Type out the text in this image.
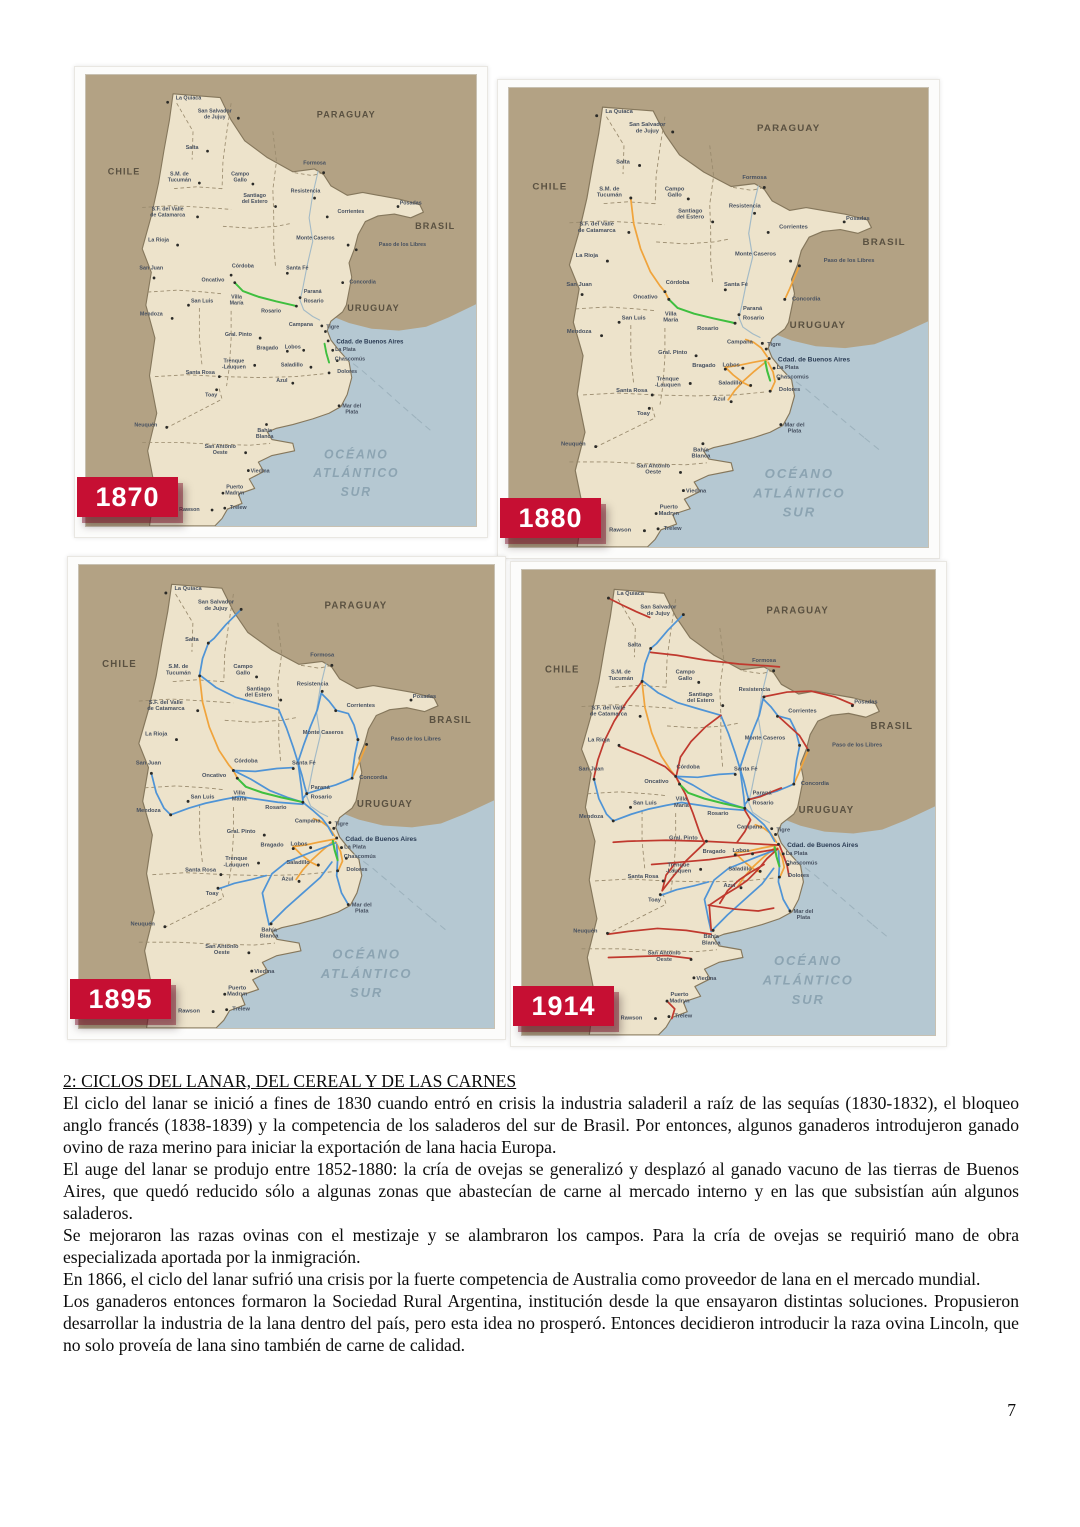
La Quiaca
San Salvador de Jujuy
Salta
S.M. de Tucumán
Campo Gallo
Formosa
Santiago del Estero
Resistencia
Corrientes
Posadas
S.F. del Valle de Catamarca
La Rioja	Monte Caseros
Paso de los Libres
San Juan	Córdoba	Santa Fé
Oncativo	Concordia
Paraná
Rosario
Villa María
San Luis
Rosario
Mendoza
Campana
Gral. Pinto
Tigre
Cdad. de Buenos Aires
Bragado Lobos	La Plata
Chascomús
Trenque -Lauquen	Saladillo
Dolores
Santa Rosa
Azul
Toay
Mar del Plata
Neuquén
Bahía Blanca
San Antonio Oeste
Viedma
Puerto Madryn
Rawson	Trelew
CHILE
PARAGUAY
BRASIL
URUGUAY
OCÉANO
ATLÁNTICO
SUR
1870
La Quiaca
San Salvador de Jujuy
Salta
S.M. de Tucumán
Campo Gallo
Formosa
Santiago del Estero
Resistencia
Corrientes
Posadas
S.F. del Valle de Catamarca
La Rioja	Monte Caseros
Paso de los Libres
San Juan	Córdoba	Santa Fé
Oncativo	Concordia
Paraná
Rosario
Villa María
San Luis
Rosario
Mendoza
Campana
Gral. Pinto
Tigre
Cdad. de Buenos Aires
Bragado Lobos	La Plata
Chascomús
Trenque -Lauquen	Saladillo
Dolores
Santa Rosa
Azul
Toay
Mar del Plata
Neuquén
Bahía Blanca
San Antonio Oeste
Viedma
Puerto Madryn
Rawson	Trelew
CHILE
PARAGUAY
BRASIL
URUGUAY
OCÉANO
ATLÁNTICO
SUR
1880
La Quiaca
San Salvador de Jujuy
Salta
S.M. de Tucumán
Campo Gallo
Formosa
Santiago del Estero
Resistencia
Corrientes
Posadas
S.F. del Valle de Catamarca
La Rioja	Monte Caseros
Paso de los Libres
San Juan	Córdoba	Santa Fé
Oncativo	Concordia
Paraná
Rosario
Villa María
San Luis
Rosario
Mendoza
Campana
Gral. Pinto
Tigre
Cdad. de Buenos Aires
Bragado Lobos	La Plata
Chascomús
Trenque -Lauquen	Saladillo
Dolores
Santa Rosa
Azul
Toay
Mar del Plata
Neuquén
Bahía Blanca
San Antonio Oeste
Viedma
Puerto Madryn
Rawson	Trelew
CHILE
PARAGUAY
BRASIL
URUGUAY
OCÉANO
ATLÁNTICO
SUR
1895
La Quiaca
San Salvador de Jujuy
Salta
S.M. de Tucumán
Campo Gallo
Formosa
Santiago del Estero
Resistencia
Corrientes
Posadas
S.F. del Valle de Catamarca
La Rioja	Monte Caseros
Paso de los Libres
San Juan	Córdoba	Santa Fé
Oncativo	Concordia
Paraná
Rosario
Villa María
San Luis
Rosario
Mendoza
Campana
Gral. Pinto
Tigre
Cdad. de Buenos Aires
Bragado Lobos	La Plata
Chascomús
Trenque -Lauquen	Saladillo
Dolores
Santa Rosa
Azul
Toay
Mar del Plata
Neuquén
Bahía Blanca
San Antonio Oeste
Viedma
Puerto Madryn
Rawson	Trelew
CHILE
PARAGUAY
BRASIL
URUGUAY
OCÉANO
ATLÁNTICO
SUR
1914
2: CICLOS DEL LANAR, DEL CEREAL Y DE LAS CARNES

El ciclo del lanar se inició a fines de 1830 cuando entró en crisis la industria saladeril a raíz de las sequías (1830-1832), el bloqueo anglo francés (1838-1839) y la competencia de los saladeros del sur de Brasil. Por entonces, algunos ganaderos introdujeron ganado ovino de raza merino para iniciar la exportación de lana hacia Europa.

El auge del lanar se produjo entre 1852-1880: la cría de ovejas se generalizó y desplazó al ganado vacuno de las tierras de Buenos Aires, que quedó reducido sólo a algunas zonas que abastecían de carne al mercado interno y en las que subsistían aún algunos saladeros.

Se mejoraron las razas ovinas con el mestizaje y se alambraron los campos. Para la cría de ovejas se requirió mano de obra especializada aportada por la inmigración.

En 1866, el ciclo del lanar sufrió una crisis por la fuerte competencia de Australia como proveedor de lana en el mercado mundial.

Los ganaderos entonces formaron la Sociedad Rural Argentina, institución desde la que ensayaron distintas soluciones. Propusieron desarrollar la industria de la lana dentro del país, pero esta idea no prosperó. Entonces decidieron introducir la raza ovina Lincoln, que no solo proveía de lana sino también de carne de calidad.

7
